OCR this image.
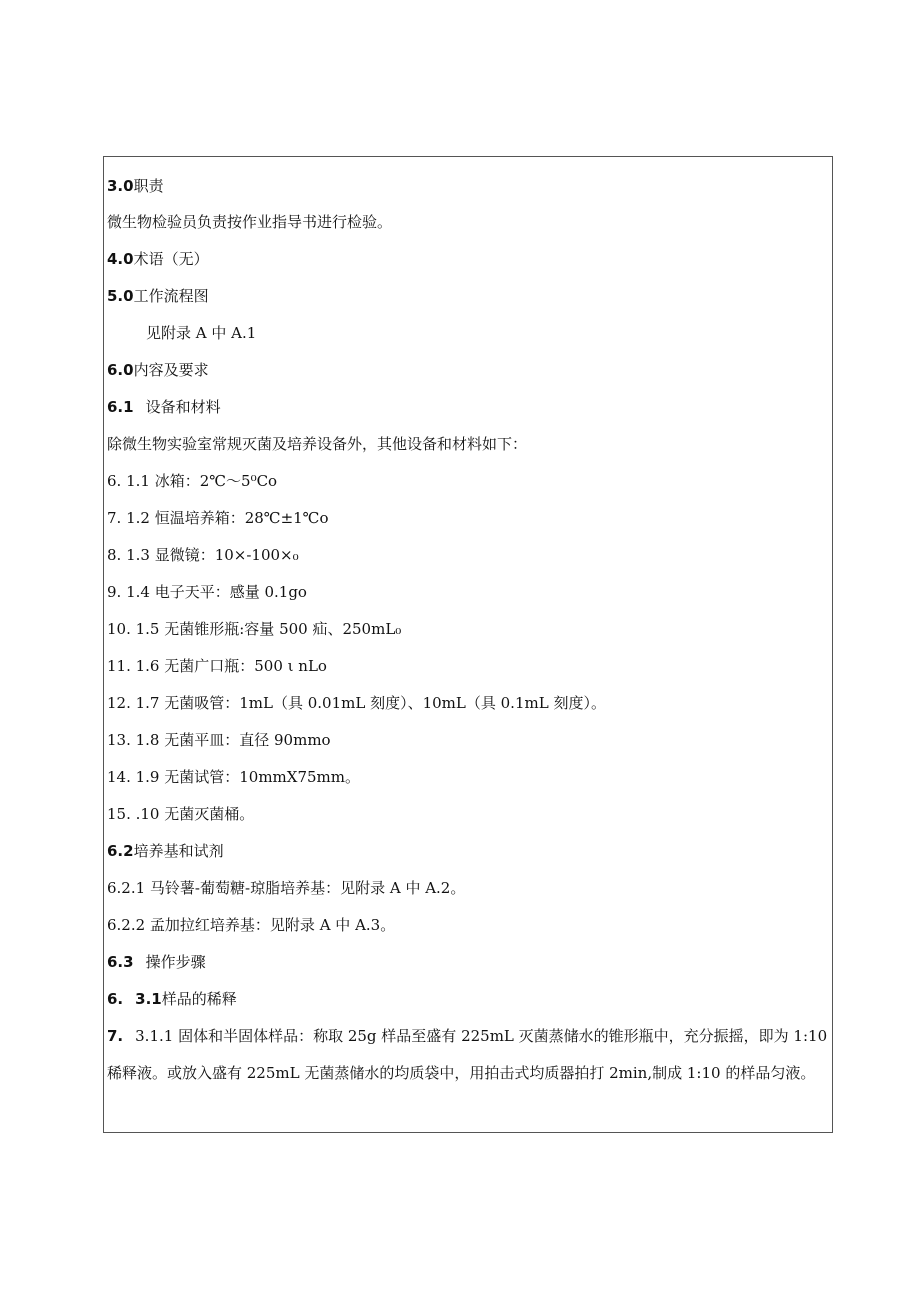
3.0职责
微生物检验员负责按作业指导书进行检验。
4.0术语（无）
5.0工作流程图
见附录 A 中 A.1
6.0内容及要求
6.1 设备和材料
除微生物实验室常规灭菌及培养设备外，其他设备和材料如下：
6. 1.1 冰箱：2℃～5⁰Co
7. 1.2 恒温培养箱：28℃±1℃o
8. 1.3 显微镜：10×-100×₀
9. 1.4 电子天平：感量 0.1go
10. 1.5 无菌锥形瓶:容量 500 疝、250mL₀
11. 1.6 无菌广口瓶：500 ι nLo
12. 1.7 无菌吸管：1mL（具 0.01mL 刻度）、10mL（具 0.1mL 刻度）。
13. 1.8 无菌平皿：直径 90mmo
14. 1.9 无菌试管：10mmX75mm。
15. .10 无菌灭菌桶。
6.2培养基和试剂
6.2.1 马铃薯-葡萄糖-琼脂培养基：见附录 A 中 A.2。
6.2.2 孟加拉红培养基：见附录 A 中 A.3。
6.3 操作步骤
6. 3.1样品的稀释
7. 3.1.1 固体和半固体样品：称取 25g 样品至盛有 225mL 灭菌蒸储水的锥形瓶中，充分振摇，即为 1:10 稀释液。或放入盛有 225mL 无菌蒸储水的均质袋中，用拍击式均质器拍打 2min,制成 1:10 的样品匀液。
